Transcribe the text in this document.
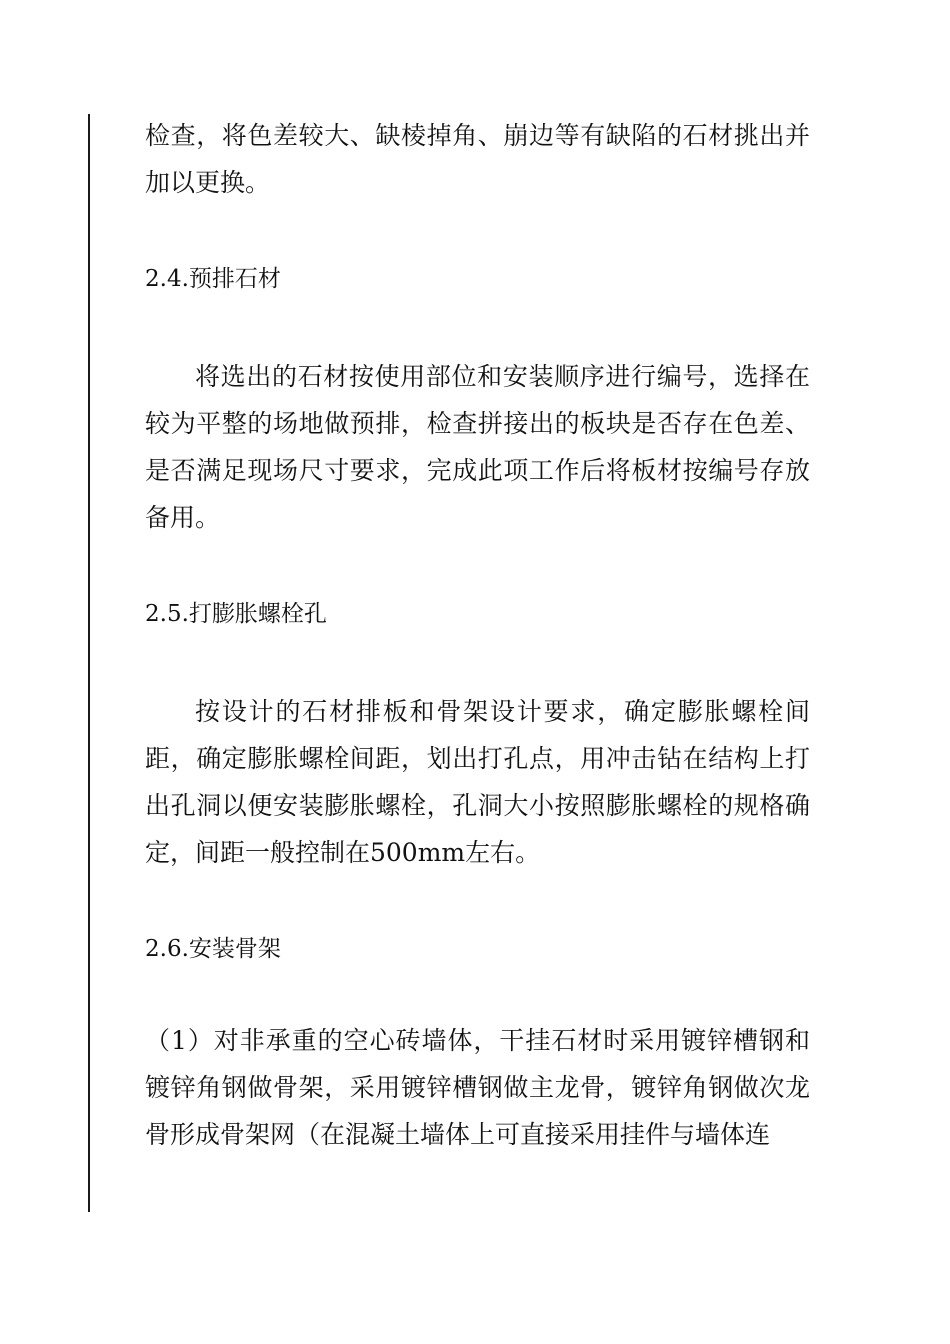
检查，将色差较大、缺棱掉角、崩边等有缺陷的石材挑出并加以更换。

2.4.预排石材

将选出的石材按使用部位和安装顺序进行编号，选择在较为平整的场地做预排，检查拼接出的板块是否存在色差、是否满足现场尺寸要求，完成此项工作后将板材按编号存放备用。

2.5.打膨胀螺栓孔

按设计的石材排板和骨架设计要求，确定膨胀螺栓间距，确定膨胀螺栓间距，划出打孔点，用冲击钻在结构上打出孔洞以便安装膨胀螺栓，孔洞大小按照膨胀螺栓的规格确定，间距一般控制在500mm左右。

2.6.安装骨架

（1）对非承重的空心砖墙体，干挂石材时采用镀锌槽钢和镀锌角钢做骨架，采用镀锌槽钢做主龙骨，镀锌角钢做次龙骨形成骨架网（在混凝土墙体上可直接采用挂件与墙体连
